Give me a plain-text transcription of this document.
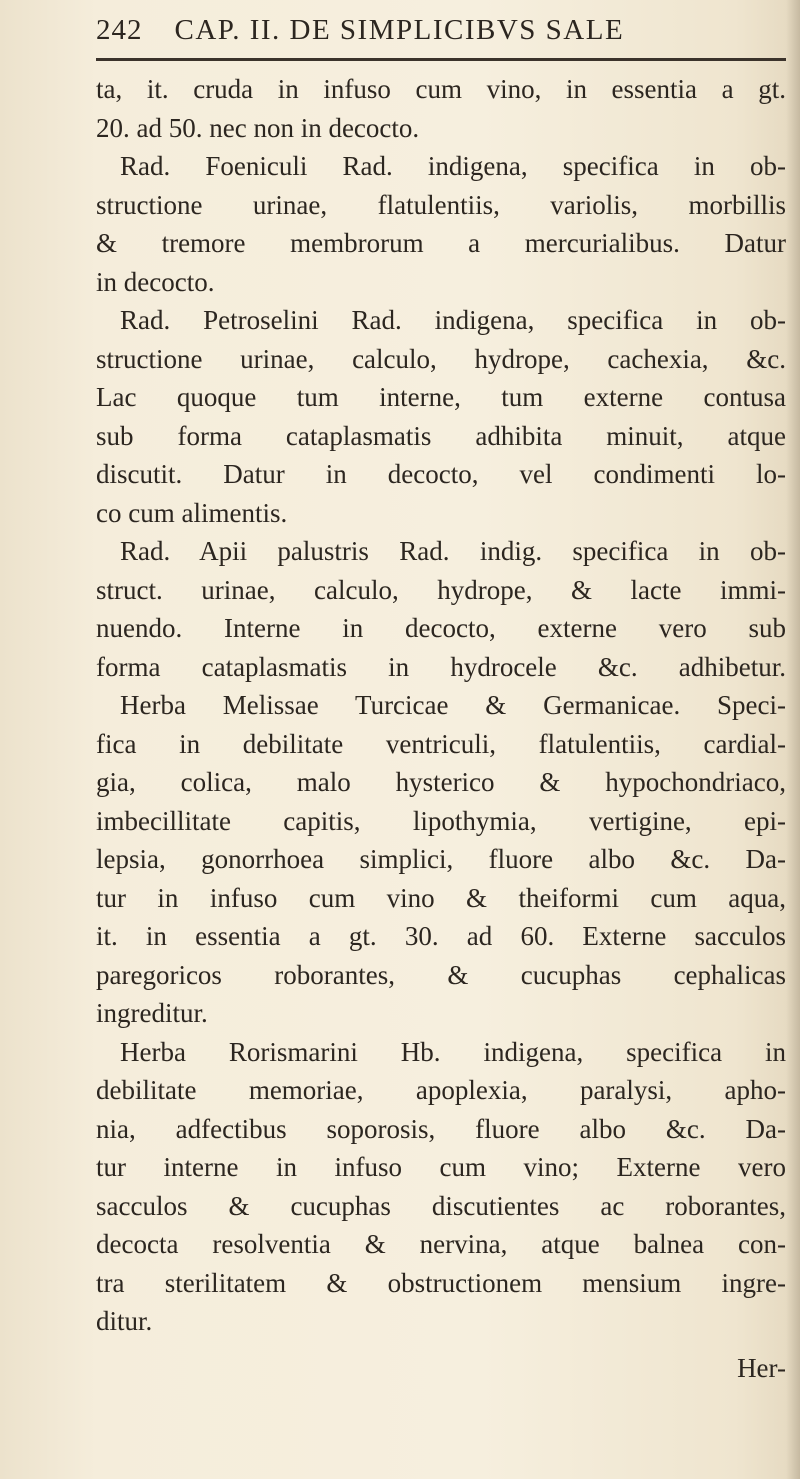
242 CAP. II. DE SIMPLICIBVS SALE
ta, it. cruda in infuso cum vino, in essentia a gt.
20. ad 50. nec non in decocto.
Rad. Foeniculi Rad. indigena, specifica in ob-
structione urinae, flatulentiis, variolis, morbillis
& tremore membrorum a mercurialibus. Datur
in decocto.
Rad. Petroselini Rad. indigena, specifica in ob-
structione urinae, calculo, hydrope, cachexia, &c.
Lac quoque tum interne, tum externe contusa
sub forma cataplasmatis adhibita minuit, atque
discutit. Datur in decocto, vel condimenti lo-
co cum alimentis.
Rad. Apii palustris Rad. indig. specifica in ob-
struct. urinae, calculo, hydrope, & lacte immi-
nuendo. Interne in decocto, externe vero sub
forma cataplasmatis in hydrocele &c. adhibetur.
Herba Melissae Turcicae & Germanicae. Speci-
fica in debilitate ventriculi, flatulentiis, cardial-
gia, colica, malo hysterico & hypochondriaco,
imbecillitate capitis, lipothymia, vertigine, epi-
lepsia, gonorrhoea simplici, fluore albo &c. Da-
tur in infuso cum vino & theiformi cum aqua,
it. in essentia a gt. 30. ad 60. Externe sacculos
paregoricos roborantes, & cucuphas cephalicas
ingreditur.
Herba Rorismarini Hb. indigena, specifica in
debilitate memoriae, apoplexia, paralysi, apho-
nia, adfectibus soporosis, fluore albo &c. Da-
tur interne in infuso cum vino; Externe vero
sacculos & cucuphas discutientes ac roborantes,
decocta resolventia & nervina, atque balnea con-
tra sterilitatem & obstructionem mensium ingre-
ditur.
Her-
